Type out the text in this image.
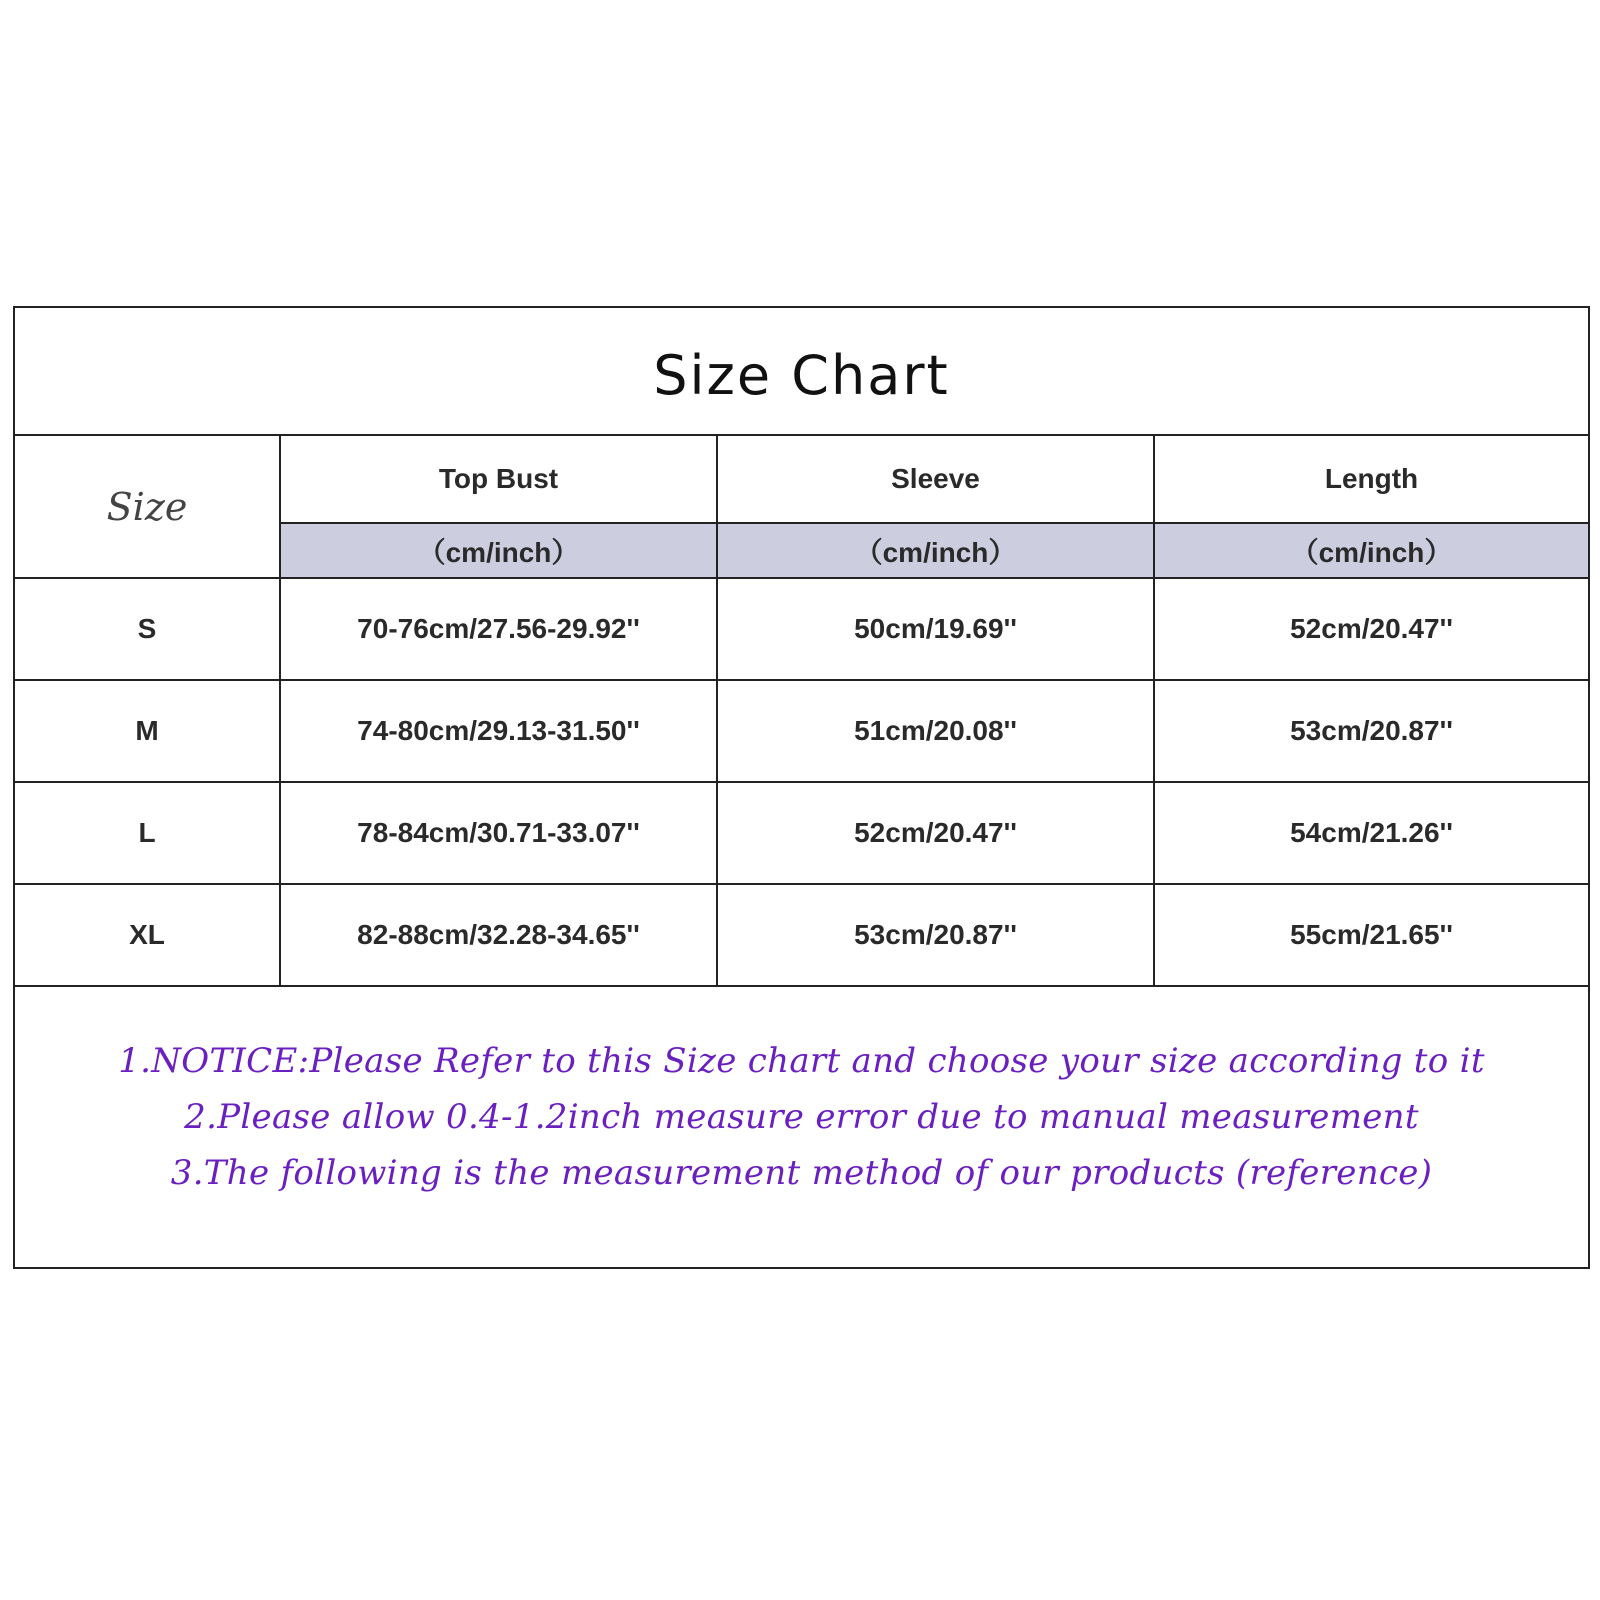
Size Chart
Size	Top Bust	Sleeve	Length
	（cm/inch）	（cm/inch）	（cm/inch）
S	70-76cm/27.56-29.92''	50cm/19.69''	52cm/20.47''
M	74-80cm/29.13-31.50''	51cm/20.08''	53cm/20.87''
L	78-84cm/30.71-33.07''	52cm/20.47''	54cm/21.26''
XL	82-88cm/32.28-34.65''	53cm/20.87''	55cm/21.65''
1.NOTICE:Please Refer to this Size chart and choose your size according to it
2.Please allow 0.4-1.2inch measure error due to manual measurement
3.The following is the measurement method of our products (reference)
